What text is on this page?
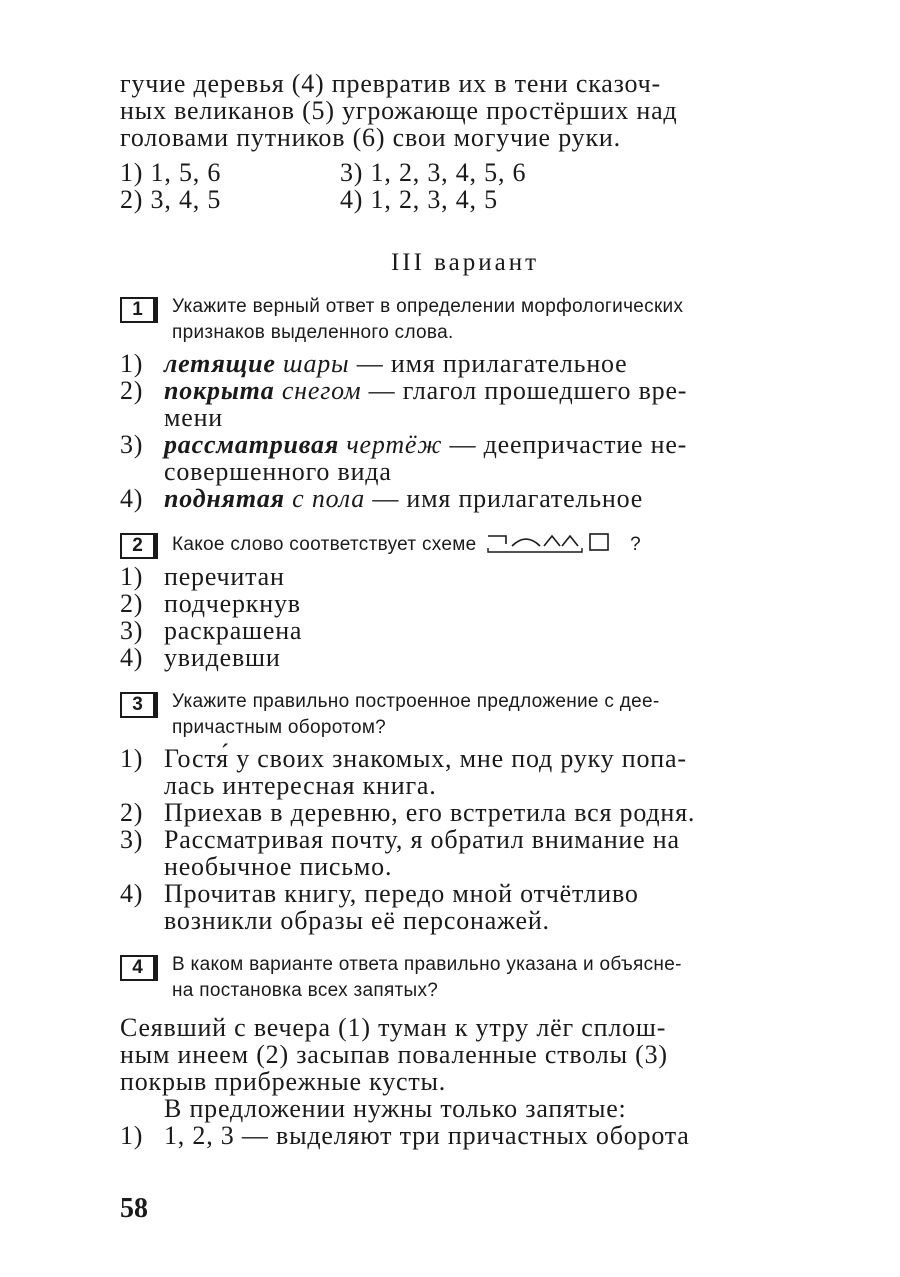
гучие деревья (4) превратив их в тени сказоч-

ных великанов (5) угрожающе простёрших над

головами путников (6) свои могучие руки.

1) 1, 5, 6	3) 1, 2, 3, 4, 5, 6
2) 3, 4, 5	4) 1, 2, 3, 4, 5
III вариант
1	Укажите верный ответ в определении морфологических
признаков выделенного слова.
1) летящие шары — имя прилагательное
2) покрыта снегом — глагол прошедшего вре-
мени
3) рассматривая чертёж — деепричастие не-
совершенного вида
4) поднятая с пола — имя прилагательное
2	Какое слово соответствует схеме	?
1) перечитан
2) подчеркнув
3) раскрашена
4) увидевши
3	Укажите правильно построенное предложение с дее-
причастным оборотом?
1) Гостя́ у своих знакомых, мне под руку попа-
лась интересная книга.
2) Приехав в деревню, его встретила вся родня.
3) Рассматривая почту, я обратил внимание на
необычное письмо.
4) Прочитав книгу, передо мной отчётливо
возникли образы её персонажей.
4	В каком варианте ответа правильно указана и объясне-
на постановка всех запятых?

Сеявший с вечера (1) туман к утру лёг сплош-

ным инеем (2) засыпав поваленные стволы (3)

покрыв прибрежные кусты.

В предложении нужны только запятые:

1) 1, 2, 3 — выделяют три причастных оборота
58
